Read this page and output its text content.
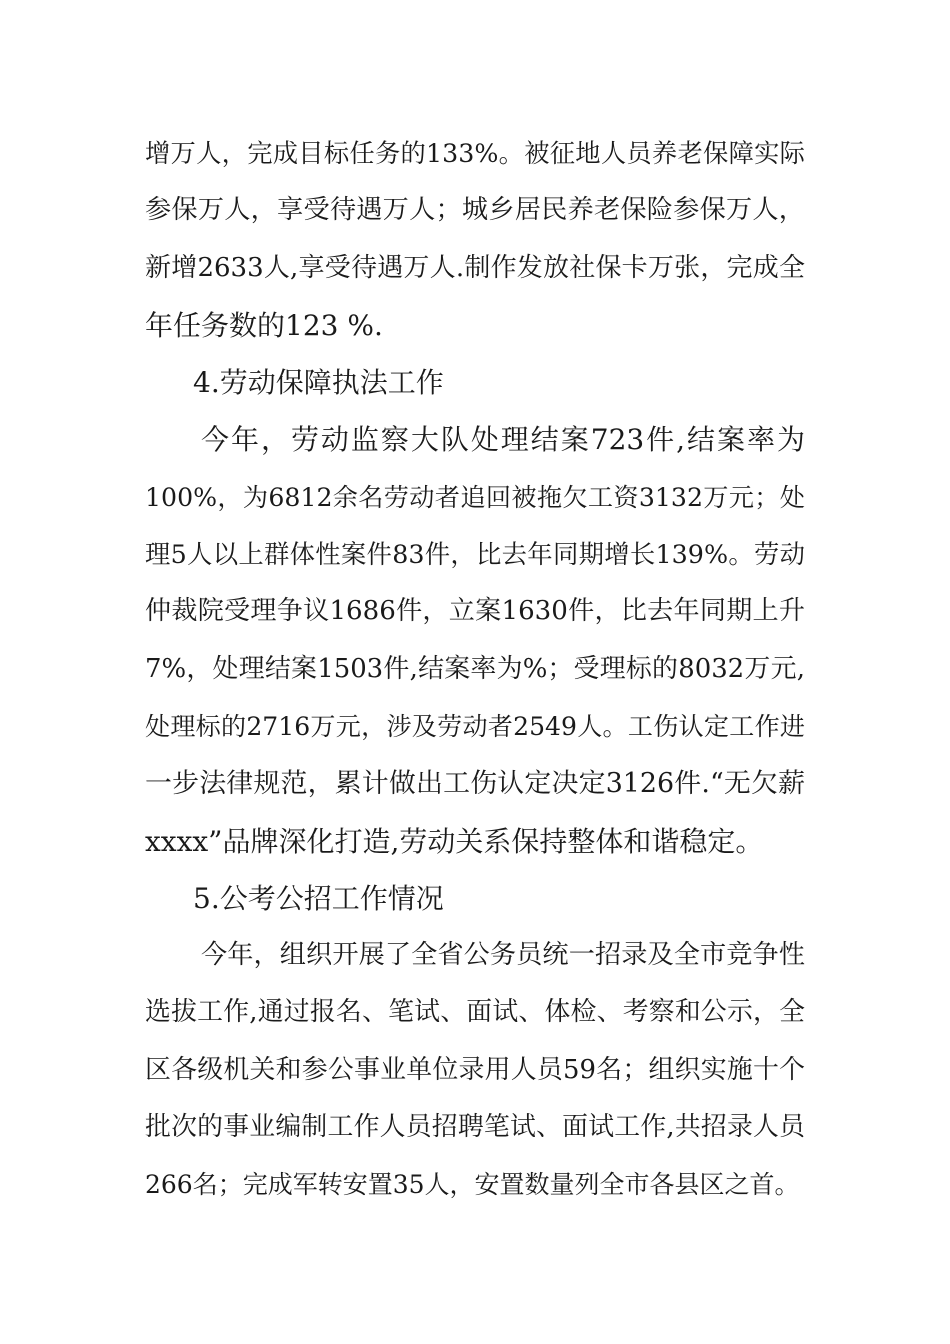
增万人，完成目标任务的133%。被征地人员养老保障实际
参保万人，享受待遇万人；城乡居民养老保险参保万人，
新增2633人,享受待遇万人.制作发放社保卡万张，完成全
年任务数的123 %.
4.劳动保障执法工作
今年，劳动监察大队处理结案723件,结案率为
100%，为6812余名劳动者追回被拖欠工资3132万元；处
理5人以上群体性案件83件，比去年同期增长139%。劳动
仲裁院受理争议1686件，立案1630件，比去年同期上升
7%，处理结案1503件,结案率为%；受理标的8032万元,
处理标的2716万元，涉及劳动者2549人。工伤认定工作进
一步法律规范，累计做出工伤认定决定3126件.“无欠薪
xxxx”品牌深化打造,劳动关系保持整体和谐稳定。
5.公考公招工作情况
今年，组织开展了全省公务员统一招录及全市竞争性
选拔工作,通过报名、笔试、面试、体检、考察和公示，全
区各级机关和参公事业单位录用人员59名；组织实施十个
批次的事业编制工作人员招聘笔试、面试工作,共招录人员
266名；完成军转安置35人，安置数量列全市各县区之首。
